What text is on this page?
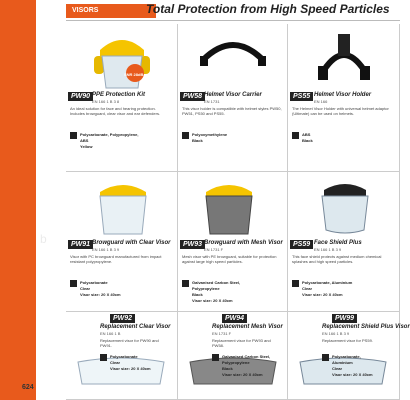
624
VISORS	Total Protection from High Speed Particles
PW90 PPE Protection Kit
EN 166 1 B 3 8
An ideal solution for face and hearing protection. Includes browguard, clear visor and ear defenders.
Polycarbonate, Polypropylene,
ABS
Yellow
SNR 28dB
PW58 Helmet Visor Carrier
EN 1731
This visor holder is compatible with helmet styles PW50, PW51, PS50 and PS55.
Polyoxymethylene
Black
PS55 Helmet Visor Holder
EN 166
The Helmet Visor Holder with universal helmet adaptor (Ultimate) can be used on helmets.
ABS
Black
PW91 Browguard with Clear Visor
EN 166 1 B 3 9
Visor with PC browguard manufactured from impact resistant polypropylene.
Polycarbonate
Clear
Visor size: 20 X 40cm
PW93 Browguard with Mesh Visor
EN 1731 F
Mesh visor with PE browguard, suitable for protection against large high speed particles.
Galvanised Carbon Steel,
Polypropylene
Black
Visor size: 20 X 40cm
PS59 Face Shield Plus
EN 166 1 B 3 9
This face shield protects against medium chemical splashes and high speed particles.
Polycarbonate, Aluminium
Clear
Visor size: 20 X 40cm
PW92
Replacement Clear Visor
EN 166 1 B
Replacement visor for PW90 and PW91.
Polycarbonate
Clear
Visor size: 20 X 40cm
PW94
Replacement Mesh Visor
EN 1731 F
Replacement visor for PW93 and PW58.
Galvanised Carbon Steel,
Polypropylene
Black
Visor size: 20 X 40cm
PW99
Replacement Shield Plus Visor
EN 166 1 B 3 9
Replacement visor for PS59.
Polycarbonate,
Aluminium
Clear
Visor size: 20 X 40cm
b
